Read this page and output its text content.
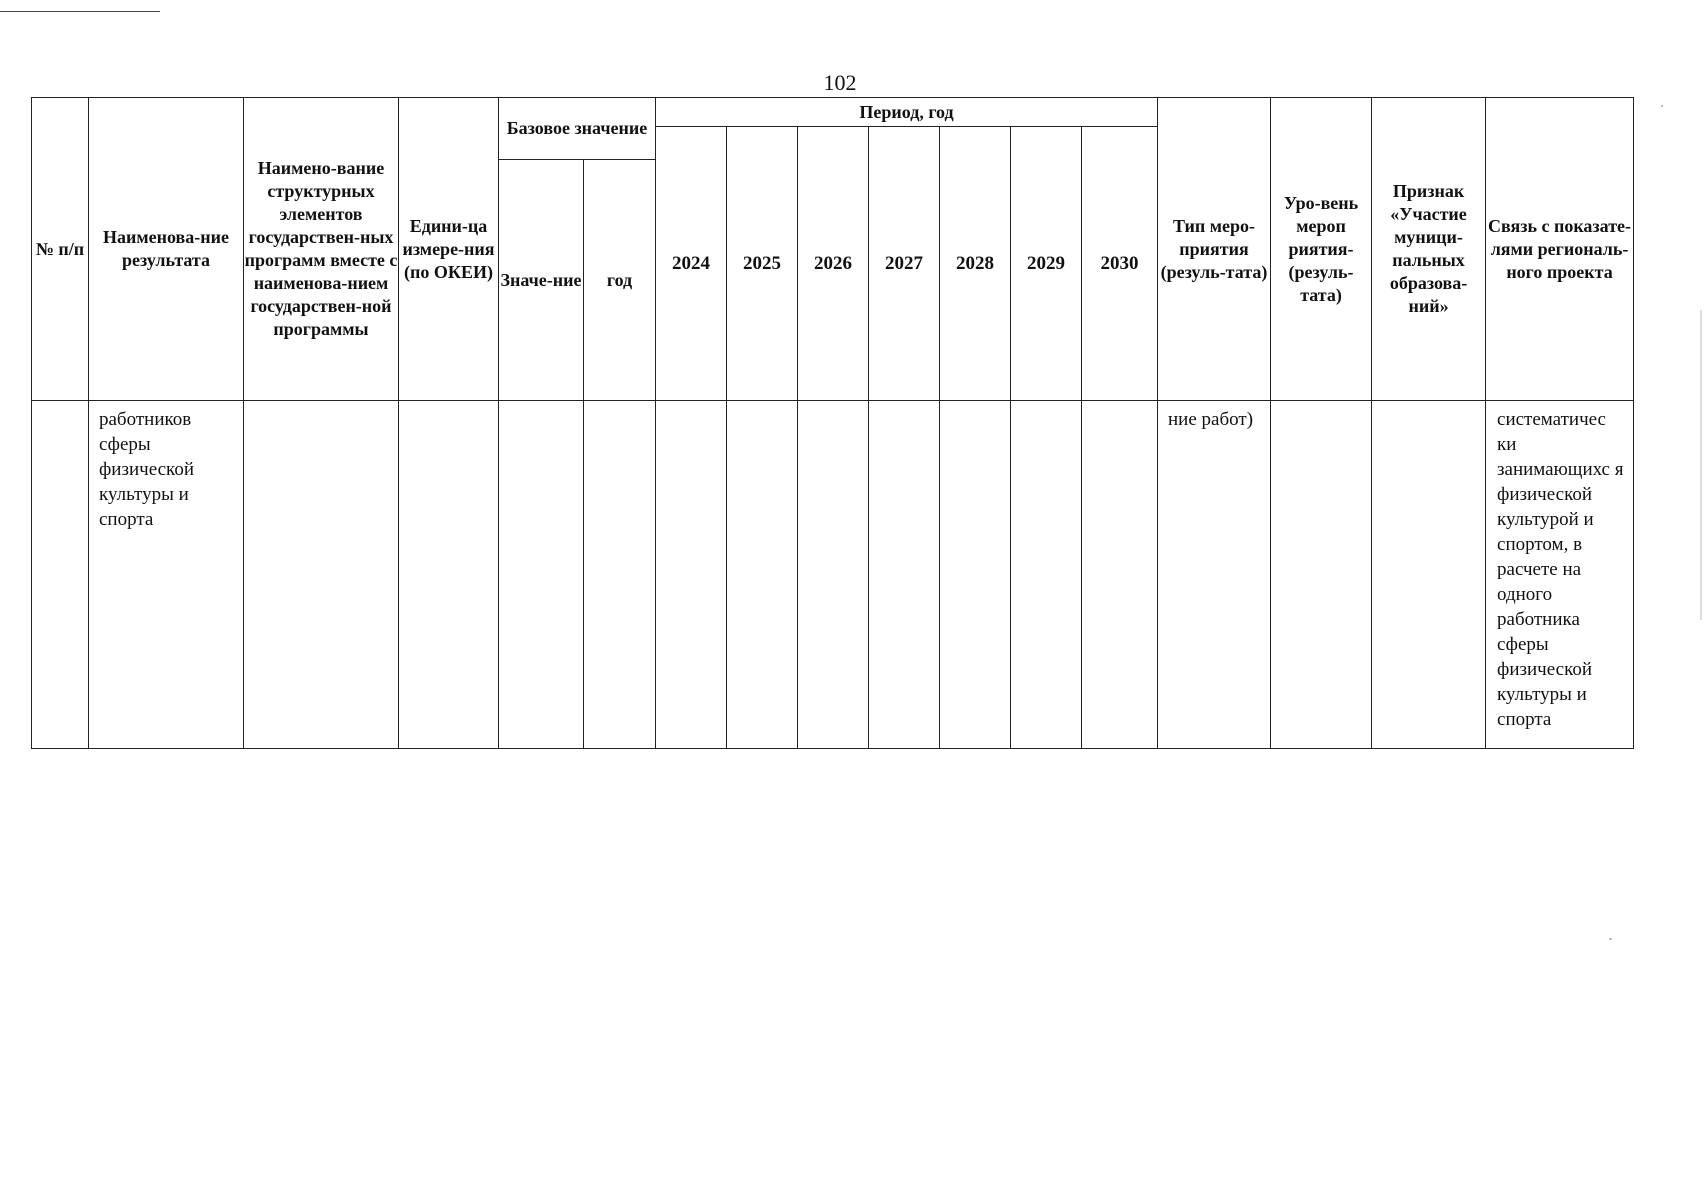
102
№ п/п	Наименова-ние результата	Наимено-вание структурных элементов государствен-ных программ вместе с наименова-нием государствен-ной программы	Едини-ца измере-ния (по ОКЕИ)	Базовое значение		Период, год							Тип меро-приятия (резуль-тата)	Уро-вень мероп риятия-(резуль-тата)	Признак «Участие муници-пальных образова-ний»	Связь с показате-лями региональ-ного проекта
						2024	2025	2026	2027	2028	2029	2030				
				Значе-ние	год											
	работников сферы физической культуры и спорта												ние работ)			систематичес ки занимающихс я физической культурой и спортом, в расчете на одного работника сферы физической культуры и спорта
